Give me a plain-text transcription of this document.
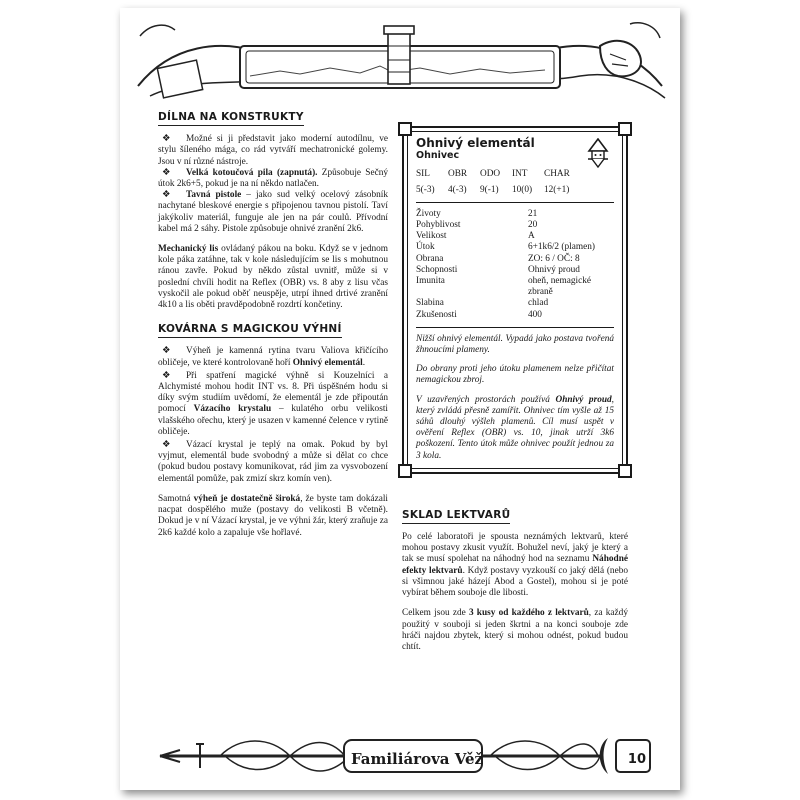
DÍLNA NA KONSTRUKTY

❖ Možné si ji představit jako moderní autodílnu, ve stylu šíleného mága, co rád vytváří mechatronické golemy. Jsou v ní různé nástroje.

❖ Velká kotoučová pila (zapnutá). Způsobuje Sečný útok 2k6+5, pokud je na ní někdo natlačen.

❖ Tavná pistole – jako sud velký ocelový zásobník nachytané bleskové energie s připojenou tavnou pistolí. Taví jakýkoliv materiál, funguje ale jen na pár coulů. Přívodní kabel má 2 sáhy. Pistole způsobuje ohnivé zranění 2k6.

Mechanický lis ovládaný pákou na boku. Když se v jednom kole páka zatáhne, tak v kole následujícím se lis s mohutnou ránou zavře. Pokud by někdo zůstal uvnitř, může si v poslední chvíli hodit na Reflex (OBR) vs. 8 aby z lisu včas vyskočil ale pokud oběť neuspěje, utrpí ihned drtivé zranění 4k10 a lis oběti pravděpodobně rozdrtí končetiny.

KOVÁRNA S MAGICKOU VÝHNÍ

❖ Výheň je kamenná rytina tvaru Valiova křičícího obličeje, ve které kontrolovaně hoří Ohnivý elementál.

❖ Při spatření magické výhně si Kouzelníci a Alchymisté mohou hodit INT vs. 8. Při úspěšném hodu si díky svým studiím uvědomí, že elementál je zde připoután pomocí Vázacího krystalu – kulatého orbu velikosti vlašského ořechu, který je usazen v kamenné čelence v rytině obličeje.

❖ Vázací krystal je teplý na omak. Pokud by byl vyjmut, elementál bude svobodný a může si dělat co chce (pokud budou postavy komunikovat, rád jim za vysvobození elementál pomůže, pak zmizí skrz komín ven).

Samotná výheň je dostatečně široká, že byste tam dokázali nacpat dospělého muže (postavy do velikosti B včetně). Dokud je v ní Vázací krystal, je ve výhni žár, který zraňuje za 2k6 každé kolo a zapaluje vše hořlavé.

Ohnivý elementál
Ohnivec
SIL	OBR	ODO	INT	CHAR
5(-3)	4(-3)	9(-1)	10(0)	12(+1)
Životy	21
Pohyblivost	20
Velikost	A
Útok	6+1k6/2 (plamen)
Obrana	ZO: 6 / OČ: 8
Schopnosti	Ohnivý proud
Imunita	oheň, nemagické zbraně
Slabina	chlad
Zkušenosti	400

Nižší ohnivý elementál. Vypadá jako postava tvořená žhnoucími plameny.

Do obrany proti jeho útoku plamenem nelze přičítat nemagickou zbroj.

V uzavřených prostorách používá Ohnivý proud, který zvládá přesně zamířit. Ohnivec tím vyšle až 15 sáhů dlouhý výšleh plamenů. Cíl musí uspět v ověření Reflex (OBR) vs. 10, jinak utrží 3k6 poškození. Tento útok může ohnivec použít jednou za 3 kola.

SKLAD LEKTVARŮ

Po celé laboratoři je spousta neznámých lektvarů, které mohou postavy zkusit využít. Bohužel neví, jaký je který a tak se musí spolehat na náhodný hod na seznamu Náhodné efekty lektvarů. Když postavy vyzkouší co jaký dělá (nebo si všimnou jaké házejí Abod a Gostel), mohou si je poté vybírat během souboje dle libosti.

Celkem jsou zde 3 kusy od každého z lektvarů, za každý použitý v souboji si jeden škrtni a na konci souboje zde hráči najdou zbytek, který si mohou odnést, pokud budou chtít.

Familiárova Věž	10
